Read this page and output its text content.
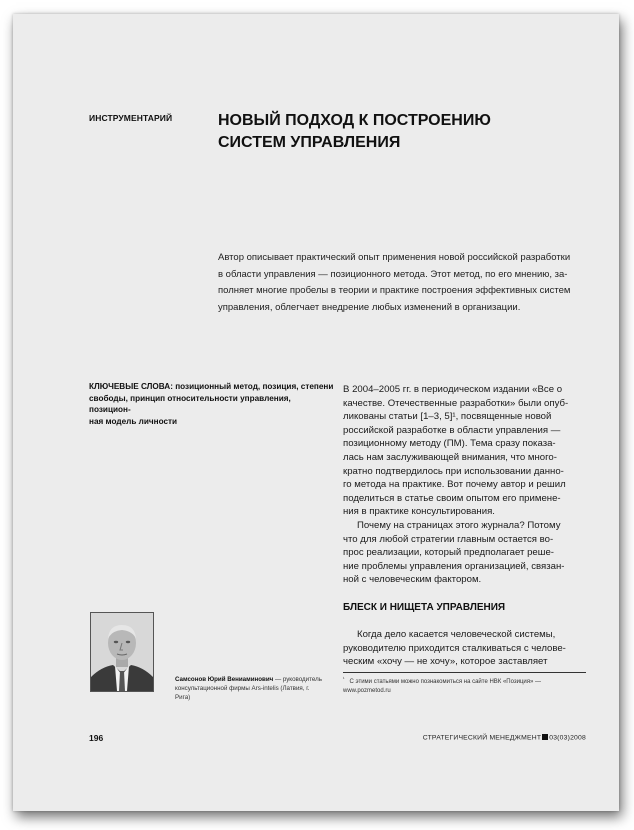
ИНСТРУМЕНТАРИЙ	НОВЫЙ ПОДХОД К ПОСТРОЕНИЮ
СИСТЕМ УПРАВЛЕНИЯ
Автор описывает практический опыт применения новой российской разработки
в области управления — позиционного метода. Этот метод, по его мнению, за-
полняет многие пробелы в теории и практике построения эффективных систем
управления, облегчает внедрение любых изменений в организации.
КЛЮЧЕВЫЕ СЛОВА: позиционный метод, позиция, степени
свободы, принцип относительности управления, позицион-
ная модель личности

В 2004–2005 гг. в периодическом издании «Все о
качестве. Отечественные разработки» были опуб-
ликованы статьи [1–3, 5]¹, посвященные новой
российской разработке в области управления —
позиционному методу (ПМ). Тема сразу показа-
лась нам заслуживающей внимания, что много-
кратно подтвердилось при использовании данно-
го метода на практике. Вот почему автор и решил
поделиться в статье своим опытом его примене-
ния в практике консультирования.

Почему на страницах этого журнала? Потому
что для любой стратегии главным остается во-
прос реализации, который предполагает реше-
ние проблемы управления организацией, связан-
ной с человеческим фактором.

БЛЕСК И НИЩЕТА УПРАВЛЕНИЯ
Когда дело касается человеческой системы,
руководителю приходится сталкиваться с челове-
ческим «хочу — не хочу», которое заставляет
$^{^1}$   С этими статьями можно познакомиться на сайте НВК «Позиция» —
www.pozmetod.ru
Самсонов Юрий Вениаминович — руководитель
консультационной фирмы Ars-intelis (Латвия, г. Рига)
196	СТРАТЕГИЧЕСКИЙ МЕНЕДЖМЕНТ 03(03)2008
